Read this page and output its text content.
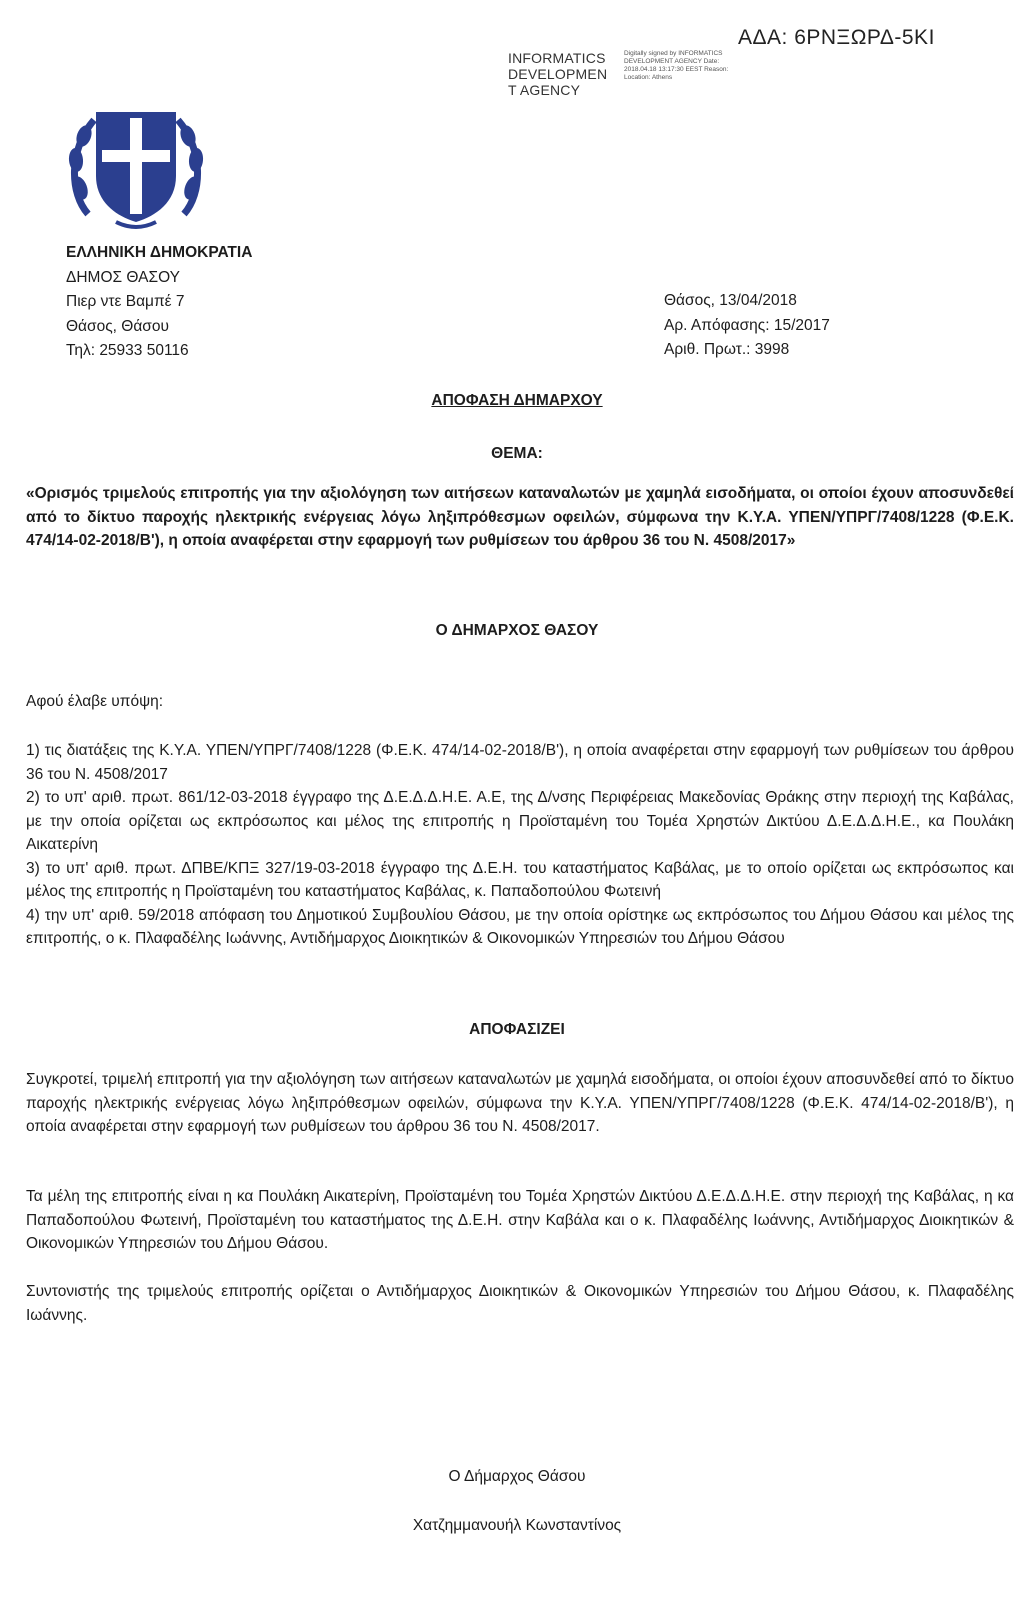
ΑΔΑ: 6ΡΝΞΩΡΔ-5ΚΙ
INFORMATICS
DEVELOPMEN
T AGENCY
Digitally signed by INFORMATICS DEVELOPMENT AGENCY Date: 2018.04.18 13:17:30 EEST Reason: Location: Athens
ΕΛΛΗΝΙΚΗ ΔΗΜΟΚΡΑΤΙΑ
ΔΗΜΟΣ ΘΑΣΟΥ
Πιερ ντε Βαμπέ 7
Θάσος, Θάσου
Τηλ: 25933 50116
Θάσος, 13/04/2018
Αρ. Απόφασης: 15/2017
Αριθ. Πρωτ.: 3998
ΑΠΟΦΑΣΗ ΔΗΜΑΡΧΟΥ
ΘΕΜΑ:
«Ορισμός τριμελούς επιτροπής για την αξιολόγηση των αιτήσεων καταναλωτών με χαμηλά εισοδήματα, οι οποίοι έχουν αποσυνδεθεί από το δίκτυο παροχής ηλεκτρικής ενέργειας λόγω ληξιπρόθεσμων οφειλών, σύμφωνα την Κ.Υ.Α. ΥΠΕΝ/ΥΠΡΓ/7408/1228 (Φ.Ε.Κ. 474/14-02-2018/Β'), η οποία αναφέρεται στην εφαρμογή των ρυθμίσεων του άρθρου 36 του Ν. 4508/2017»
Ο ΔΗΜΑΡΧΟΣ ΘΑΣΟΥ
Αφού έλαβε υπόψη:
1) τις διατάξεις της Κ.Υ.Α. ΥΠΕΝ/ΥΠΡΓ/7408/1228 (Φ.Ε.Κ. 474/14-02-2018/Β'), η οποία αναφέρεται στην εφαρμογή των ρυθμίσεων του άρθρου 36 του Ν. 4508/2017
2) το υπ' αριθ. πρωτ. 861/12-03-2018 έγγραφο της Δ.Ε.Δ.Δ.Η.Ε. Α.Ε, της Δ/νσης Περιφέρειας Μακεδονίας Θράκης στην περιοχή της Καβάλας, με την οποία ορίζεται ως εκπρόσωπος και μέλος της επιτροπής η Προϊσταμένη του Τομέα Χρηστών Δικτύου Δ.Ε.Δ.Δ.Η.Ε., κα Πουλάκη Αικατερίνη
3) το υπ' αριθ. πρωτ. ΔΠΒΕ/ΚΠΞ 327/19-03-2018 έγγραφο της Δ.Ε.Η. του καταστήματος Καβάλας, με το οποίο ορίζεται ως εκπρόσωπος και μέλος της επιτροπής η Προϊσταμένη του καταστήματος Καβάλας, κ. Παπαδοπούλου Φωτεινή
4) την υπ' αριθ. 59/2018 απόφαση του Δημοτικού Συμβουλίου Θάσου, με την οποία ορίστηκε ως εκπρόσωπος του Δήμου Θάσου και μέλος της επιτροπής, ο κ. Πλαφαδέλης Ιωάννης, Αντιδήμαρχος Διοικητικών & Οικονομικών Υπηρεσιών του Δήμου Θάσου
ΑΠΟΦΑΣΙΖΕΙ
Συγκροτεί, τριμελή επιτροπή για την αξιολόγηση των αιτήσεων καταναλωτών με χαμηλά εισοδήματα, οι οποίοι έχουν αποσυνδεθεί από το δίκτυο παροχής ηλεκτρικής ενέργειας λόγω ληξιπρόθεσμων οφειλών, σύμφωνα την Κ.Υ.Α. ΥΠΕΝ/ΥΠΡΓ/7408/1228 (Φ.Ε.Κ. 474/14-02-2018/Β'), η οποία αναφέρεται στην εφαρμογή των ρυθμίσεων του άρθρου 36 του Ν. 4508/2017.
Τα μέλη της επιτροπής είναι η κα Πουλάκη Αικατερίνη, Προϊσταμένη του Τομέα Χρηστών Δικτύου Δ.Ε.Δ.Δ.Η.Ε. στην περιοχή της Καβάλας, η κα Παπαδοπούλου Φωτεινή, Προϊσταμένη του καταστήματος της Δ.Ε.Η. στην Καβάλα και ο κ. Πλαφαδέλης Ιωάννης, Αντιδήμαρχος Διοικητικών & Οικονομικών Υπηρεσιών του Δήμου Θάσου.
Συντονιστής της τριμελούς επιτροπής ορίζεται ο Αντιδήμαρχος Διοικητικών & Οικονομικών Υπηρεσιών του Δήμου Θάσου, κ. Πλαφαδέλης Ιωάννης.
Ο Δήμαρχος Θάσου
Χατζημμανουήλ Κωνσταντίνος
